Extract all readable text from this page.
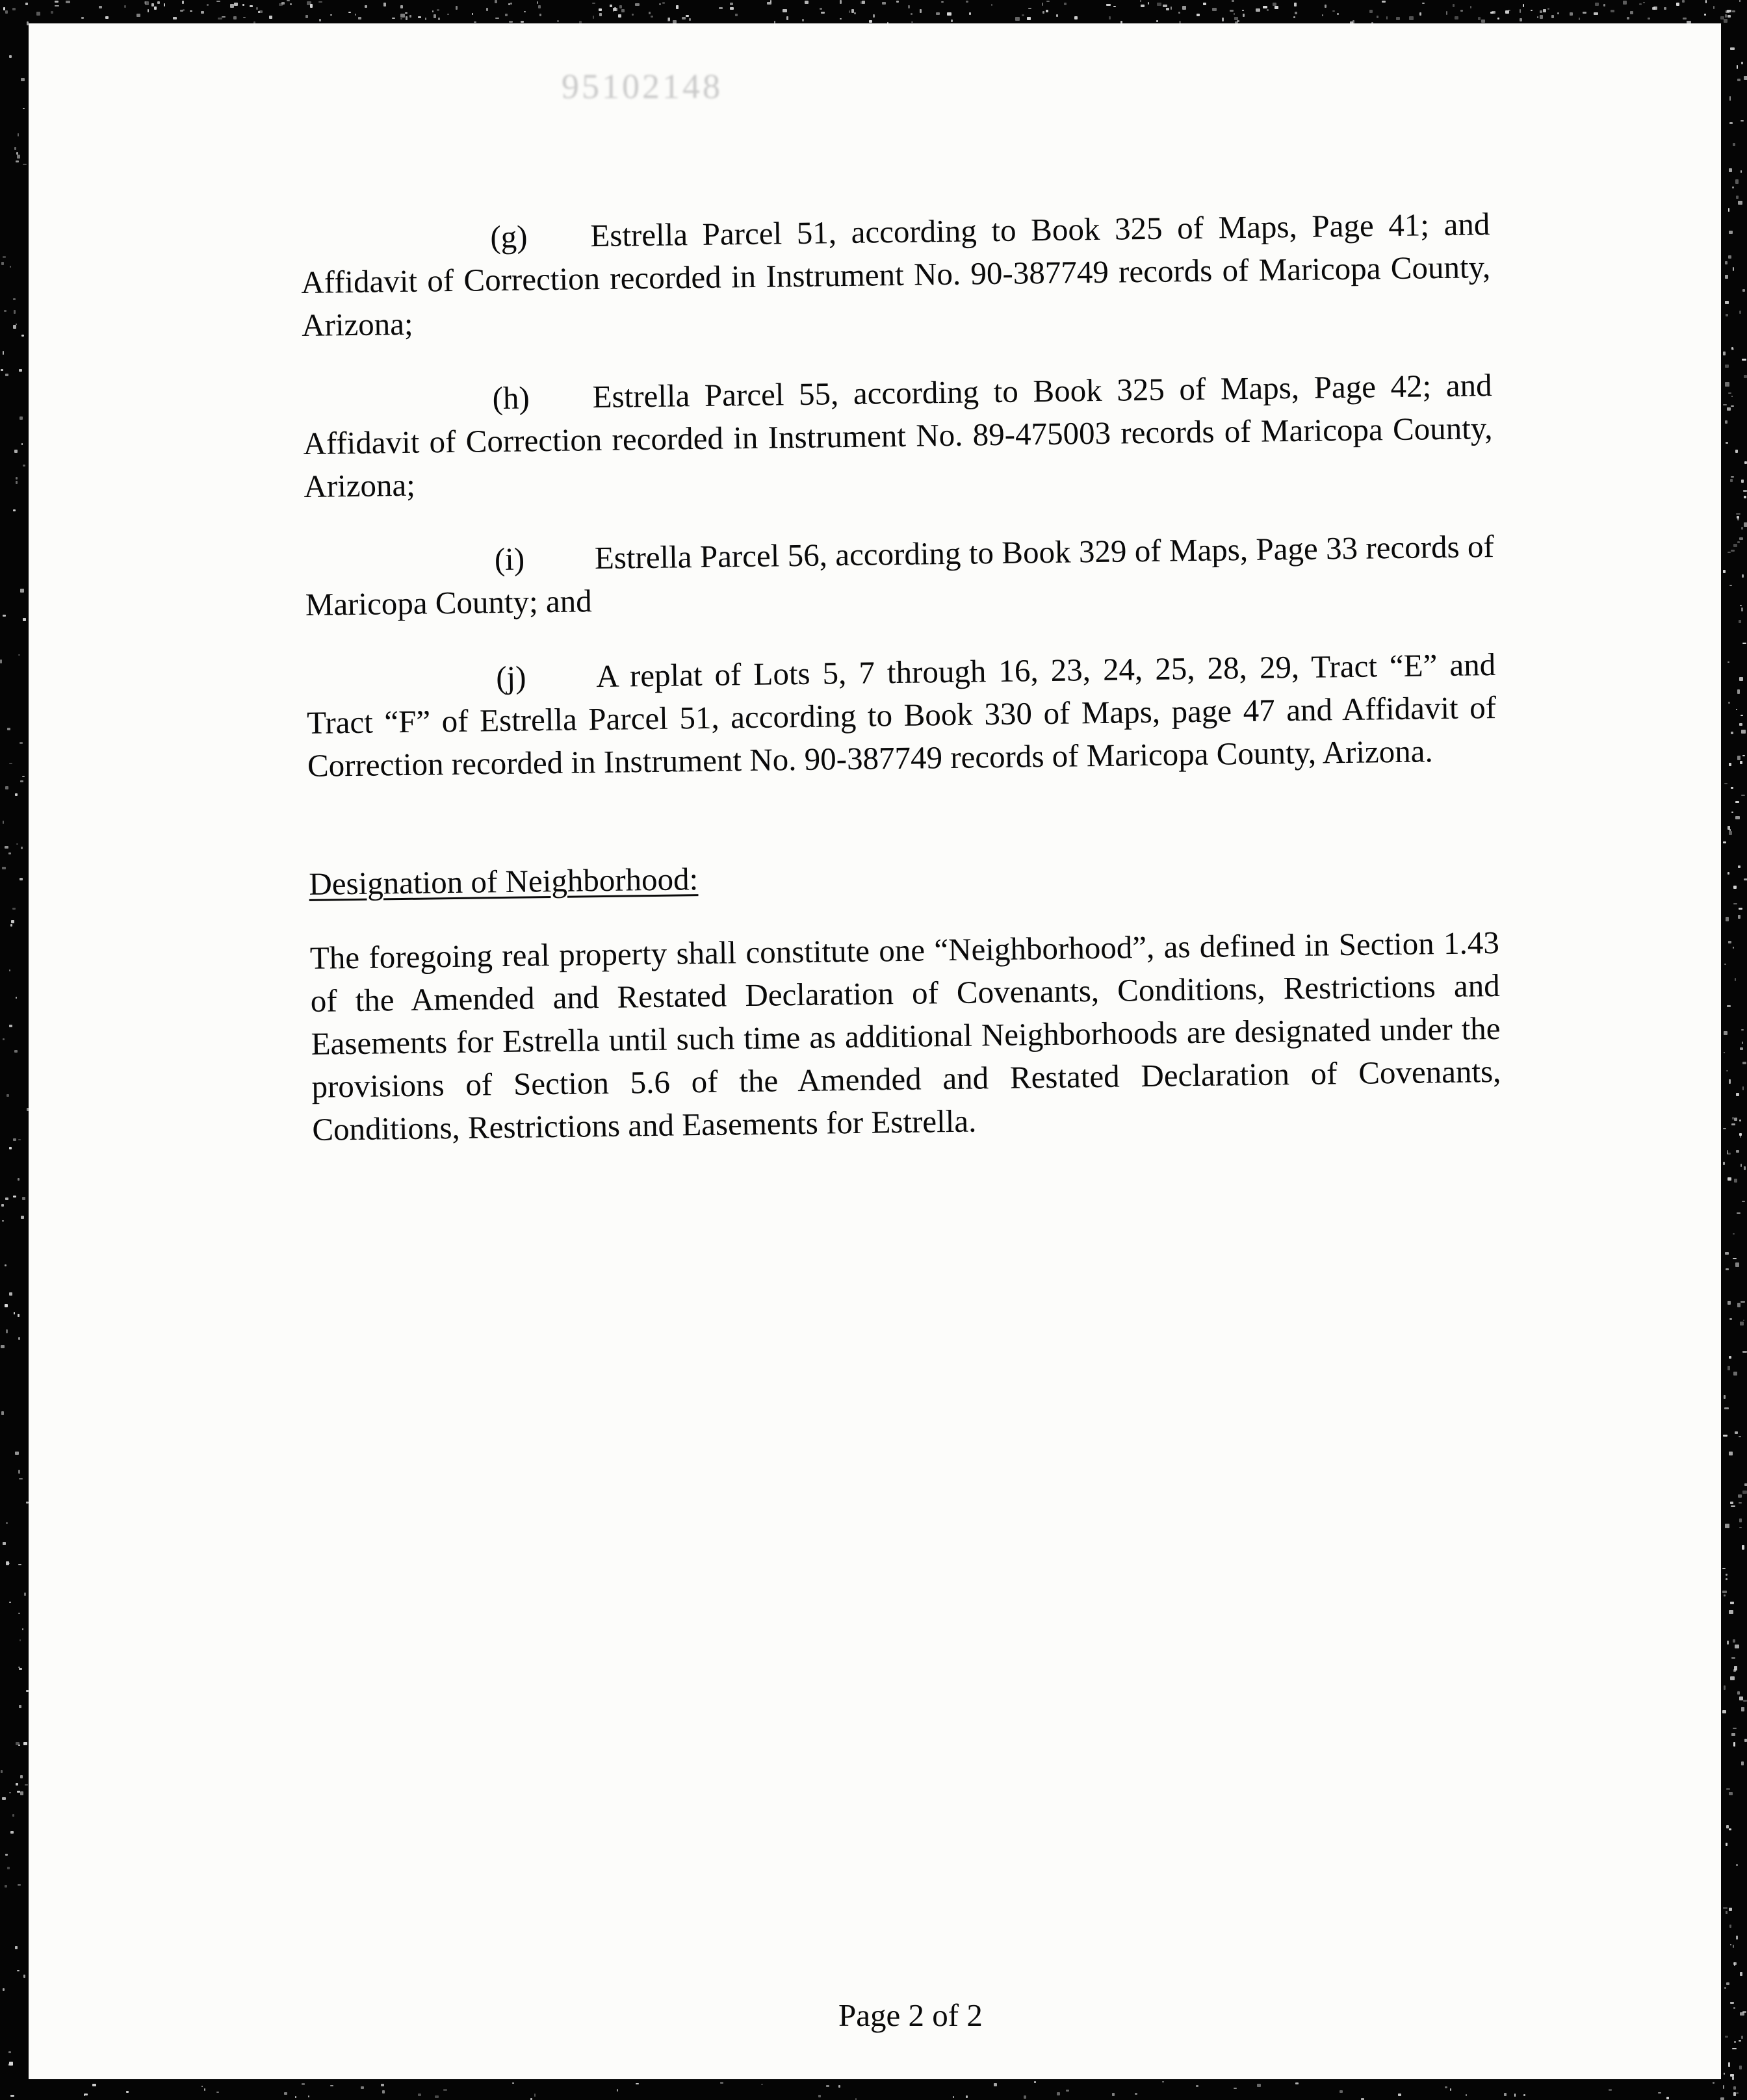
95102148

(g) Estrella Parcel 51, according to Book 325 of Maps, Page 41; and Affidavit of Correction recorded in Instrument No. 90-387749 records of Maricopa County, Arizona;

(h) Estrella Parcel 55, according to Book 325 of Maps, Page 42; and Affidavit of Correction recorded in Instrument No. 89-475003 records of Maricopa County, Arizona;

(i) Estrella Parcel 56, according to Book 329 of Maps, Page 33 records of Maricopa County; and

(j) A replat of Lots 5, 7 through 16, 23, 24, 25, 28, 29, Tract “E” and Tract “F” of Estrella Parcel 51, according to Book 330 of Maps, page 47 and Affidavit of Correction recorded in Instrument No. 90-387749 records of Maricopa County, Arizona.

Designation of Neighborhood:

The foregoing real property shall constitute one “Neighborhood”, as defined in Section 1.43 of the Amended and Restated Declaration of Covenants, Conditions, Restrictions and Easements for Estrella until such time as additional Neighborhoods are designated under the provisions of Section 5.6 of the Amended and Restated Declaration of Covenants, Conditions, Restrictions and Easements for Estrella.

Page 2 of 2
